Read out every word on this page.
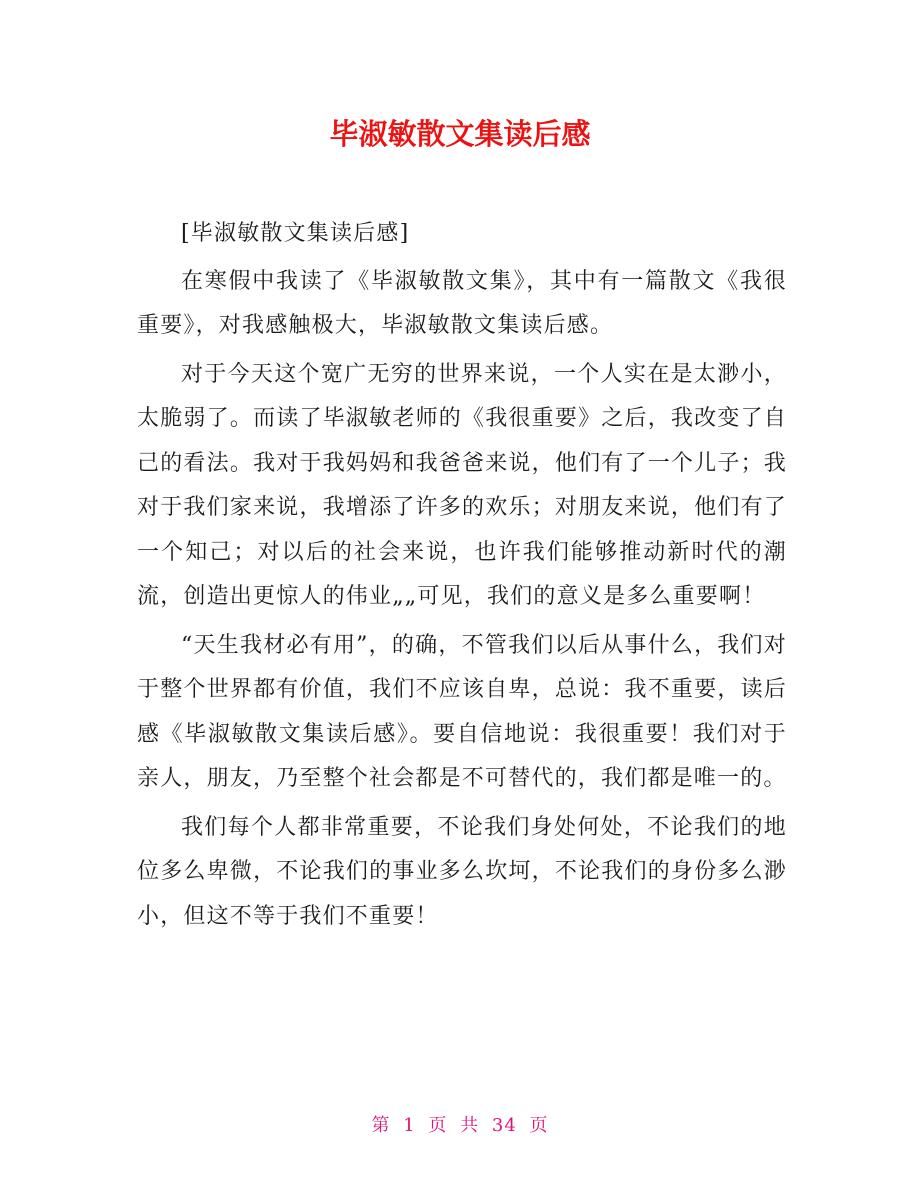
毕淑敏散文集读后感

[毕淑敏散文集读后感]

在寒假中我读了《毕淑敏散文集》，其中有一篇散文《我很重要》，对我感触极大，毕淑敏散文集读后感。

对于今天这个宽广无穷的世界来说，一个人实在是太渺小，太脆弱了。而读了毕淑敏老师的《我很重要》之后，我改变了自己的看法。我对于我妈妈和我爸爸来说，他们有了一个儿子；我对于我们家来说，我增添了许多的欢乐；对朋友来说，他们有了一个知己；对以后的社会来说，也许我们能够推动新时代的潮流，创造出更惊人的伟业„„可见，我们的意义是多么重要啊！

“天生我材必有用”，的确，不管我们以后从事什么，我们对于整个世界都有价值，我们不应该自卑，总说：我不重要，读后感《毕淑敏散文集读后感》。要自信地说：我很重要！我们对于亲人，朋友，乃至整个社会都是不可替代的，我们都是唯一的。

我们每个人都非常重要，不论我们身处何处，不论我们的地位多么卑微，不论我们的事业多么坎坷，不论我们的身份多么渺小，但这不等于我们不重要！

第 1 页 共 34 页
